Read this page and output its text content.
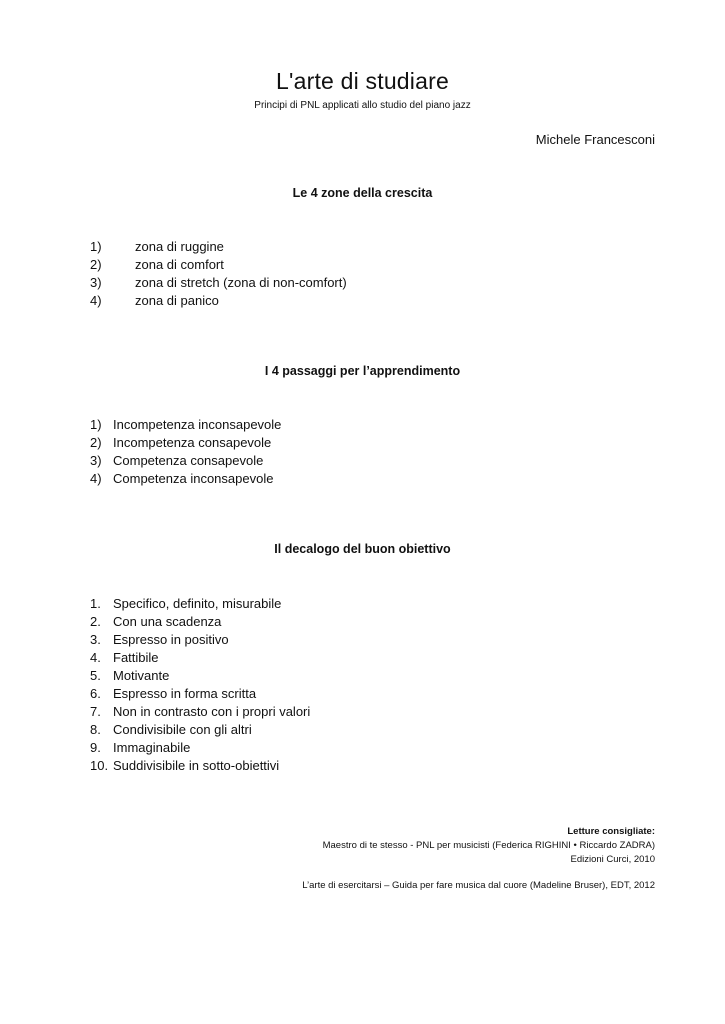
L'arte di studiare
Principi di PNL applicati allo studio del piano jazz
Michele Francesconi
Le 4 zone della crescita
1)	zona di ruggine
2)	zona di comfort
3)	zona di stretch (zona di non-comfort)
4)	zona di panico
I 4 passaggi per l’apprendimento
1) Incompetenza inconsapevole
2) Incompetenza consapevole
3) Competenza consapevole
4) Competenza inconsapevole
Il decalogo del buon obiettivo
1. Specifico, definito, misurabile
2. Con una scadenza
3. Espresso in positivo
4. Fattibile
5. Motivante
6. Espresso in forma scritta
7. Non in contrasto con i propri valori
8. Condivisibile con gli altri
9. Immaginabile
10. Suddivisibile in sotto-obiettivi
Letture consigliate:
Maestro di te stesso - PNL per musicisti (Federica RIGHINI • Riccardo ZADRA)
Edizioni Curci, 2010
L’arte di esercitarsi – Guida per fare musica dal cuore (Madeline Bruser), EDT, 2012
